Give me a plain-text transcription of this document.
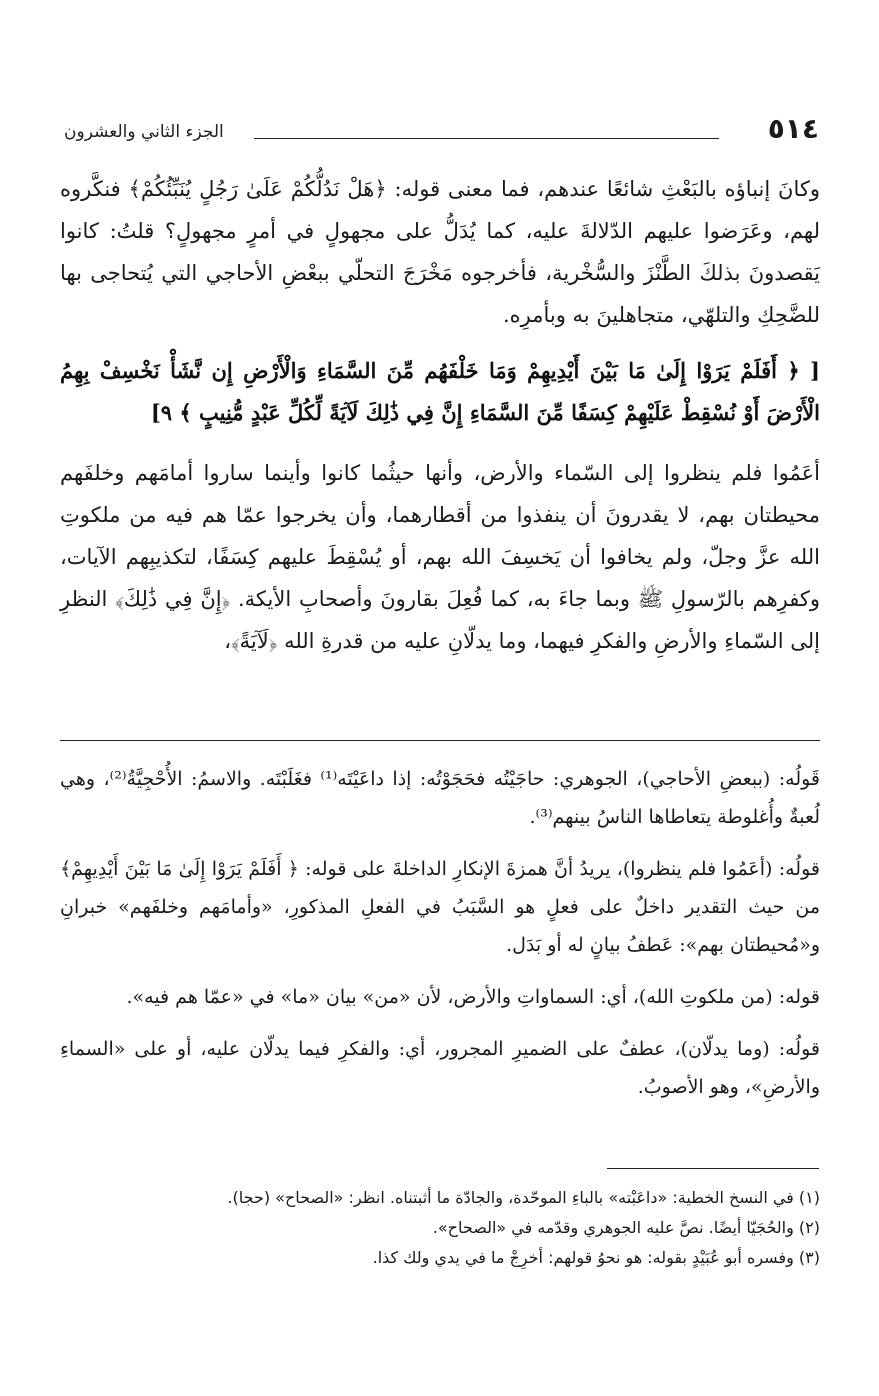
الجزء الثاني والعشرون	٥١٤

وكانَ إنباؤه بالبَعْثِ شائعًا عندهم، فما معنى قوله: ﴿هَلْ نَدُلُّكُمْ عَلَىٰ رَجُلٍ يُنَبِّئُكُمْ﴾ فنكَّروه لهم، وعَرَضوا عليهم الدّلالةَ عليه، كما يُدَلُّ على مجهولٍ في أمرٍ مجهولٍ؟ قلتُ: كانوا يَقصدونَ بذلكَ الطَّنْزَ والسُّخْرية، فأخرجوه مَخْرَجَ التحلّي ببعْضِ الأحاجي التي يُتحاجى بها للضَّحِكِ والتلهّي، متجاهلينَ به وبأمرِه.

[ ﴿ أَفَلَمْ يَرَوْا إِلَىٰ مَا بَيْنَ أَيْدِيهِمْ وَمَا خَلْفَهُم مِّنَ السَّمَاءِ وَالْأَرْضِ إِن نَّشَأْ نَخْسِفْ بِهِمُ الْأَرْضَ أَوْ نُسْقِطْ عَلَيْهِمْ كِسَفًا مِّنَ السَّمَاءِ إِنَّ فِي ذَٰلِكَ لَآيَةً لِّكُلِّ عَبْدٍ مُّنِيبٍ ﴾ ٩]

أعَمُوا فلم ينظروا إلى السّماء والأرض، وأنها حيثُما كانوا وأينما ساروا أمامَهم وخلفَهم محيطتان بهم، لا يقدرونَ أن ينفذوا من أقطارهما، وأن يخرجوا عمّا هم فيه من ملكوتِ الله عزَّ وجلّ، ولم يخافوا أن يَخسِفَ الله بهم، أو يُسْقِطَ عليهم كِسَفًا، لتكذيبِهم الآيات، وكفرِهم بالرّسولِ ﷺ وبما جاءَ به، كما فُعِلَ بقارونَ وأصحابِ الأيكة. ﴿إِنَّ فِي ذَٰلِكَ﴾ النظرِ إلى السّماءِ والأرضِ والفكرِ فيهما، وما يدلّانِ عليه من قدرةِ الله ﴿لَآيَةً﴾،

قَولُه: (ببعضِ الأحاجي)، الجوهري: حاجَيْتُه فحَجَوْتُه: إذا داعَيْتَه⁽¹⁾ فغَلَبْتَه. والاسمُ: الأُحْجِيَّةُ⁽²⁾، وهي لُعبةٌ وأُغلوطة يتعاطاها الناسُ بينهم⁽³⁾.

قولُه: (أعَمُوا فلم ينظروا)، يريدُ أنَّ همزةَ الإنكارِ الداخلةَ على قوله: ﴿ أَفَلَمْ يَرَوْا إِلَىٰ مَا بَيْنَ أَيْدِيهِمْ﴾ من حيث التقدير داخلٌ على فعلٍ هو السَّبَبُ في الفعلِ المذكورِ، «وأمامَهم وخلفَهم» خبرانِ و«مُحيطتان بهم»: عَطفُ بيانٍ له أو بَدَل.

قوله: (من ملكوتِ الله)، أي: السماواتِ والأرض، لأن «من» بيان «ما» في «عمّا هم فيه».

قولُه: (وما يدلّان)، عطفٌ على الضميرِ المجرور، أي: والفكرِ فيما يدلّان عليه، أو على «السماءِ والأرضِ»، وهو الأصوبُ.

(١) في النسخ الخطية: «داعَبْته» بالباءِ الموحّدة، والجادّة ما أثبتناه. انظر: «الصحاح» (حجا).

(٢) والحُجَيّا أيضًا. نصَّ عليه الجوهري وقدّمه في «الصحاح».

(٣) وفسره أبو عُبَيْدٍ بقوله: هو نحوُ قولهم: أخرِجْ ما في يدي ولك كذا.
